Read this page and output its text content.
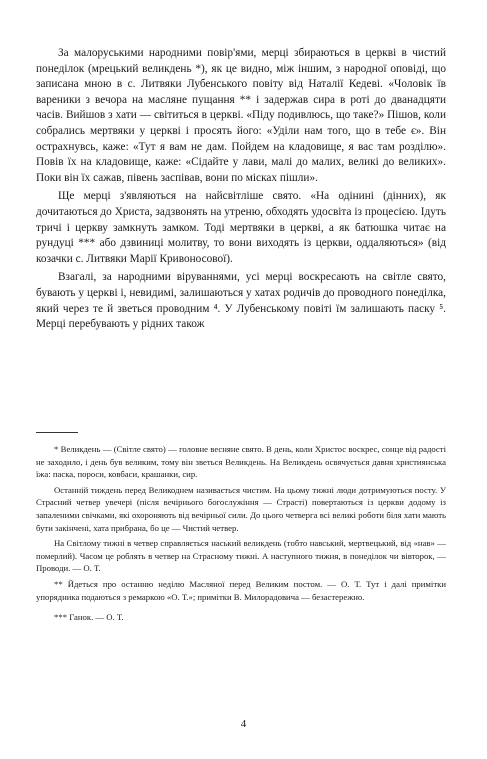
За малоруськими народними повір'ями, мерці збираються в церкві в чистий понеділок (мрецький великдень *), як це видно, між іншим, з народної оповіді, що записана мною в с. Литвяки Лубенського повіту від Наталії Кедеві. «Чоловік їв вареники з вечора на масляне пущання ** і задержав сира в роті до дванадцяти часів. Вийшов з хати — світиться в церкві. «Піду подивлюсь, що таке?» Пішов, коли собрались мертвяки у церкві і просять його: «Уділи нам того, що в тебе є». Він острахнувсь, каже: «Тут я вам не дам. Пойдем на кладовище, я вас там розділю». Повів їх на кладовище, каже: «Сідайте у лави, малі до малих, великі до великих». Поки він їх сажав, півень заспівав, вони по місках пішли».

Ще мерці з'являються на найсвітліше свято. «На одінині (дінних), як дочитаються до Христа, задзвонять на утреню, обходять удосвіта із процесією. Ідуть тричі і церкву замкнуть замком. Тоді мертвяки в церкві, а як батюшка читає на рундуці *** або дзвиниці молитву, то вони виходять із церкви, оддаляються» (від козачки с. Литвяки Марії Кривоносової).

Взагалі, за народними віруваннями, усі мерці воскресають на світле свято, бувають у церкві і, невидимі, залишаються у хатах родичів до проводного понеділка, який через те й зветься проводним ⁴. У Лубенському повіті їм залишають паску ⁵. Мерці перебувають у рідних також

* Великдень — (Світле свято) — головне весняне свято. В день, коли Христос воскрес, сонце від радості не заходило, і день був великим, тому він зветься Великдень. На Великдень освячується давня християнська їжа: паска, пороси, ковбаси, крашанки, сир.

Останній тиждень перед Великоднем називається чистим. На цьому тижні люди дотримуються посту. У Страсний четвер увечері (після вечірнього богослужіння — Страсті) повертаються із церкви додому із запаленими свічками, які охороняють від вечірньої сили. До цього четверга всі великі роботи біля хати мають бути закінчені, хата прибрана, бо це — Чистий четвер.

На Світлому тижні в четвер справляється наський великдень (тобто навський, мертвецький, від «нав» — померлий). Часом це роблять в четвер на Страсному тижні. А наступного тижня, в понеділок чи вівторок, — Проводи. — О. Т.

** Йдеться про останню неділю Масляної перед Великим постом. — О. Т. Тут і далі примітки упорядника подаються з ремаркою «О. Т.»; примітки В. Милорадовича — безастережно.

*** Ганок. — О. Т.

4
